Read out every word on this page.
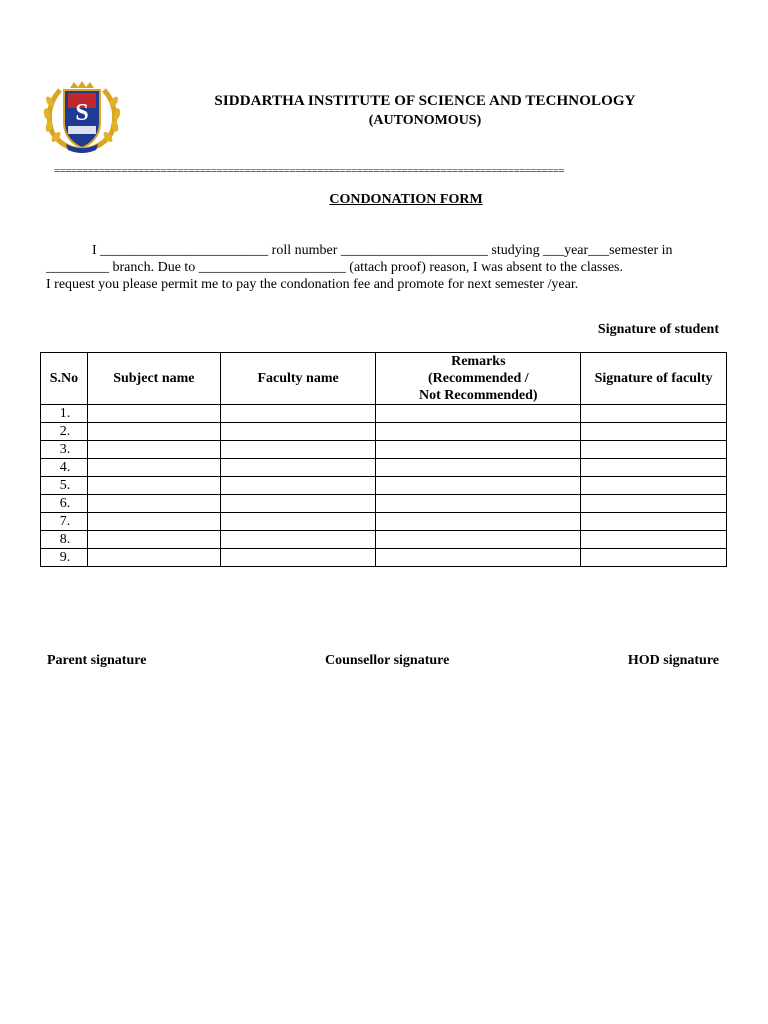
S	SIDDARTHA INSTITUTE OF SCIENCE AND TECHNOLOGY
(AUTONOMOUS)
===========================================================================================
CONDONATION FORM
I ________________________ roll number _____________________ studying ___year___semester in
_________ branch. Due to _____________________ (attach proof) reason, I was absent to the classes.
I request you please permit me to pay the condonation fee and promote for next semester /year.
Signature of student
S.No	Subject name	Faculty name	Remarks
(Recommended /
Not Recommended)	Signature of faculty
1.				
2.				
3.				
4.				
5.				
6.				
7.				
8.				
9.				
Parent signature	Counsellor signature	HOD signature
